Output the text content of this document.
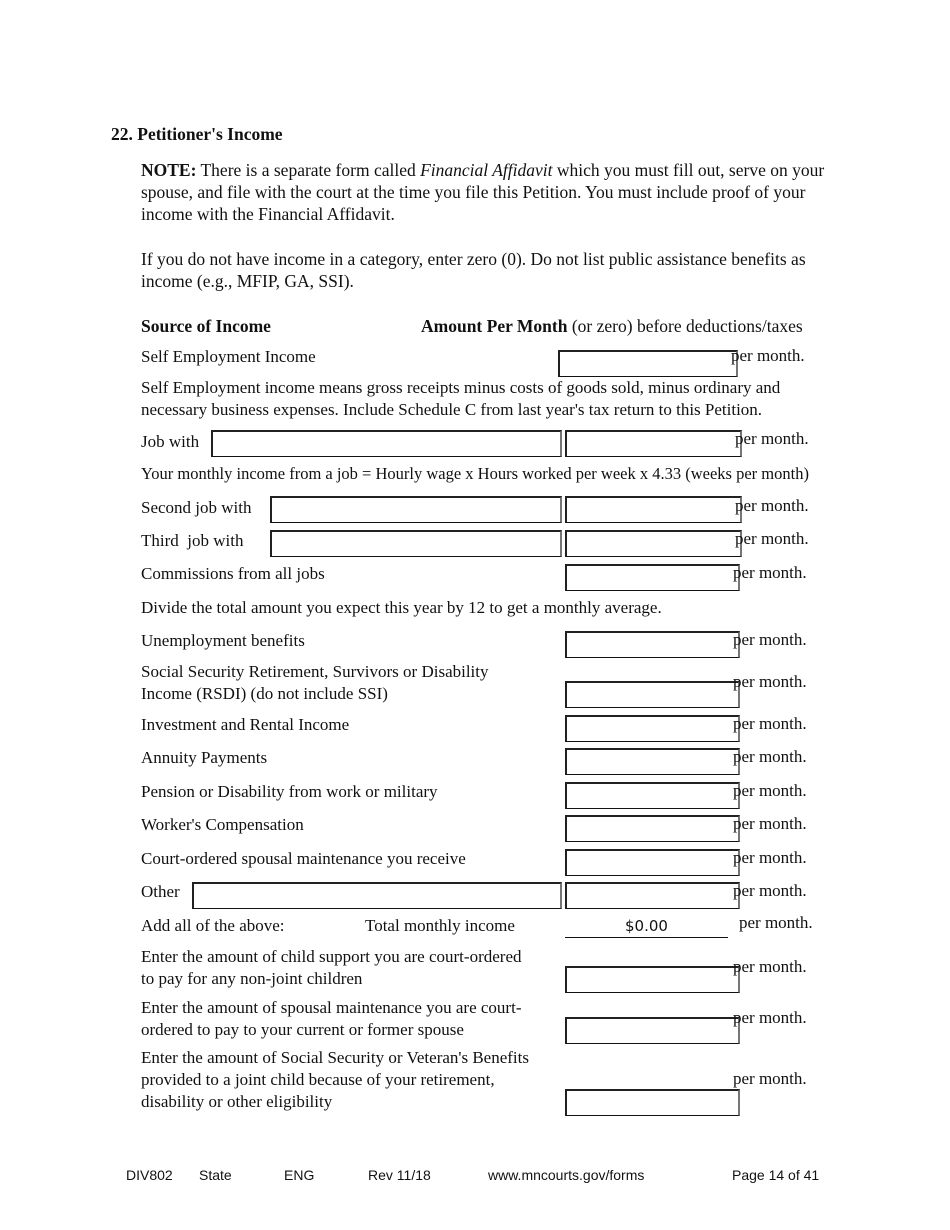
22. Petitioner's Income
NOTE: There is a separate form called Financial Affidavit which you must fill out, serve on your spouse, and file with the court at the time you file this Petition. You must include proof of your income with the Financial Affidavit.
If you do not have income in a category, enter zero (0). Do not list public assistance benefits as income (e.g., MFIP, GA, SSI).
Source of Income	Amount Per Month (or zero) before deductions/taxes
Self Employment Income	per month.
Self Employment income means gross receipts minus costs of goods sold, minus ordinary and necessary business expenses. Include Schedule C from last year's tax return to this Petition.
Job with	per month.
Your monthly income from a job = Hourly wage x Hours worked per week x 4.33 (weeks per month)
Second job with	per month.
Third  job with	per month.
Commissions from all jobs	per month.
Divide the total amount you expect this year by 12 to get a monthly average.
Unemployment benefits	per month.
Social Security Retirement, Survivors or Disability
Income (RSDI) (do not include SSI)
per month.
Investment and Rental Income	per month.
Annuity Payments	per month.
Pension or Disability from work or military	per month.
Worker's Compensation	per month.
Court-ordered spousal maintenance you receive	per month.
Other	per month.
Add all of the above:	Total monthly income	$0.00	per month.
Enter the amount of child support you are court-ordered
to pay for any non-joint children
per month.
Enter the amount of spousal maintenance you are court-
ordered to pay to your current or former spouse
per month.
Enter the amount of Social Security or Veteran's Benefits
provided to a joint child because of your retirement,
disability or other eligibility
per month.
DIV802 State	ENG	Rev 11/18	www.mncourts.gov/forms	Page 14 of 41
